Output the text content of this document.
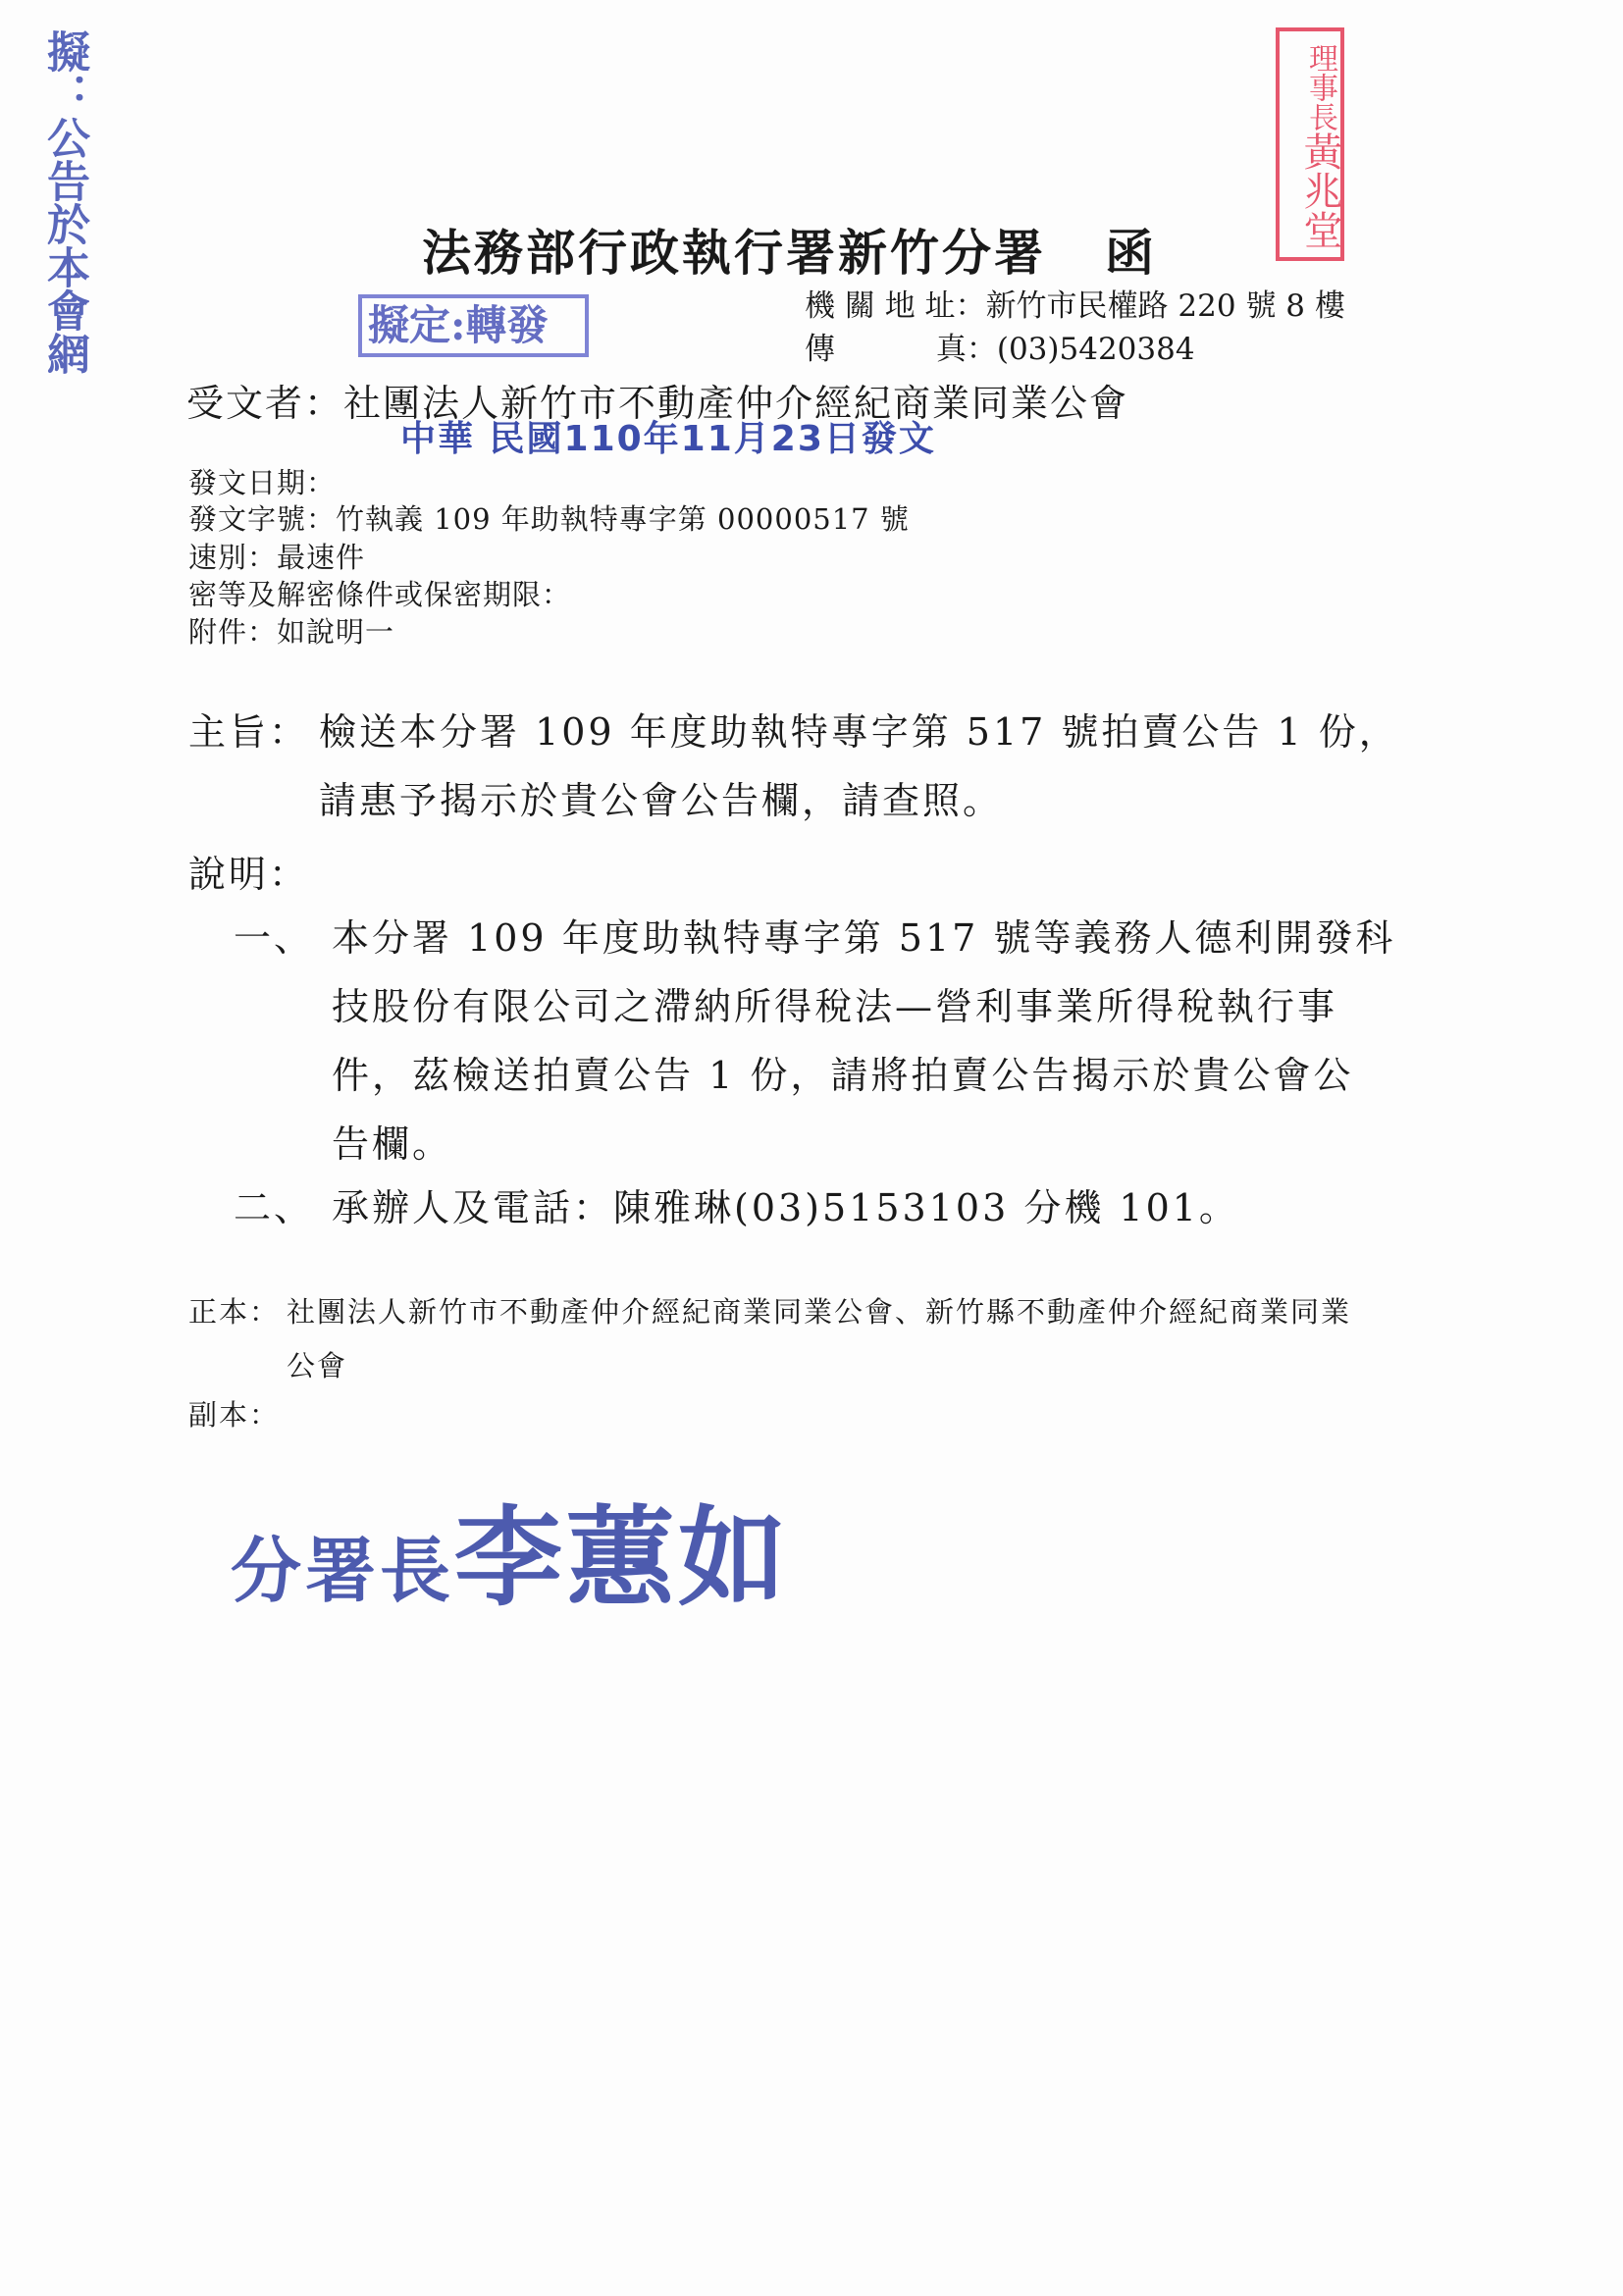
法務部行政執行署新竹分署 函
機 關 地 址：新竹市民權路 220 號 8 樓
傳　　　 真：(03)5420384
受文者：社團法人新竹市不動產仲介經紀商業同業公會
發文日期：
發文字號：竹執義 109 年助執特專字第 00000517 號
速別：最速件
密等及解密條件或保密期限：
附件：如說明一
主旨： 檢送本分署 109 年度助執特專字第 517 號拍賣公告 1 份，
請惠予揭示於貴公會公告欄，請查照。
說明：
一、 本分署 109 年度助執特專字第 517 號等義務人德利開發科
技股份有限公司之滯納所得稅法—營利事業所得稅執行事
件，茲檢送拍賣公告 1 份，請將拍賣公告揭示於貴公會公
告欄。
二、 承辦人及電話：陳雅琳(03)5153103 分機 101。
正本： 社團法人新竹市不動產仲介經紀商業同業公會、新竹縣不動產仲介經紀商業同業
公會
副本：
擬：公告於本會網	理事長黃兆堂
擬定:轉發
中華 民國110年11月23日發文
分署長李蕙如
